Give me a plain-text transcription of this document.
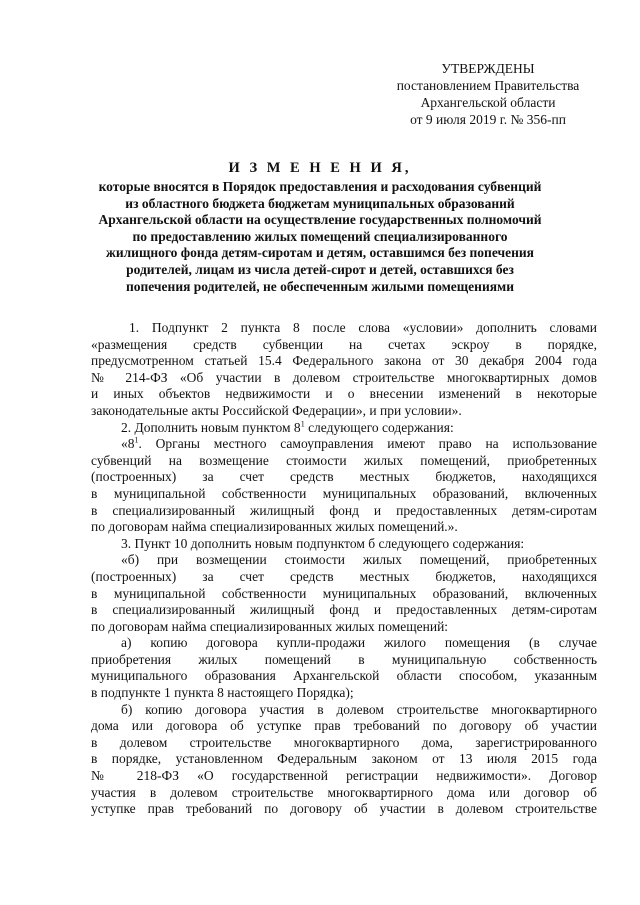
УТВЕРЖДЕНЫ
постановлением Правительства
Архангельской области
от 9 июля 2019 г. № 356-пп
И З М Е Н Е Н И Я,
которые вносятся в Порядок предоставления и расходования субвенций
из областного бюджета бюджетам муниципальных образований
Архангельской области на осуществление государственных полномочий
по предоставлению жилых помещений специализированного
жилищного фонда детям-сиротам и детям, оставшимся без попечения
родителей, лицам из числа детей-сирот и детей, оставшихся без
попечения родителей, не обеспеченным жилыми помещениями
1. Подпункт 2 пункта 8 после слова «условии» дополнить словами
«размещения средств субвенции на счетах эскроу в порядке,
предусмотренном статьей 15.4 Федерального закона от 30 декабря 2004 года
№ 214-ФЗ «Об участии в долевом строительстве многоквартирных домов
и иных объектов недвижимости и о внесении изменений в некоторые
законодательные акты Российской Федерации», и при условии».
2. Дополнить новым пунктом $8^1$ следующего содержания:
«$8^1$. Органы местного самоуправления имеют право на использование
субвенций на возмещение стоимости жилых помещений, приобретенных
(построенных) за счет средств местных бюджетов, находящихся
в муниципальной собственности муниципальных образований, включенных
в специализированный жилищный фонд и предоставленных детям-сиротам
по договорам найма специализированных жилых помещений.».
3. Пункт 10 дополнить новым подпунктом б следующего содержания:
«б) при возмещении стоимости жилых помещений, приобретенных
(построенных) за счет средств местных бюджетов, находящихся
в муниципальной собственности муниципальных образований, включенных
в специализированный жилищный фонд и предоставленных детям-сиротам
по договорам найма специализированных жилых помещений:
а) копию договора купли-продажи жилого помещения (в случае
приобретения жилых помещений в муниципальную собственность
муниципального образования Архангельской области способом, указанным
в подпункте 1 пункта 8 настоящего Порядка);
б) копию договора участия в долевом строительстве многоквартирного
дома или договора об уступке прав требований по договору об участии
в долевом строительстве многоквартирного дома, зарегистрированного
в порядке, установленном Федеральным законом от 13 июля 2015 года
№ 218-ФЗ «О государственной регистрации недвижимости». Договор
участия в долевом строительстве многоквартирного дома или договор об
уступке прав требований по договору об участии в долевом строительстве
